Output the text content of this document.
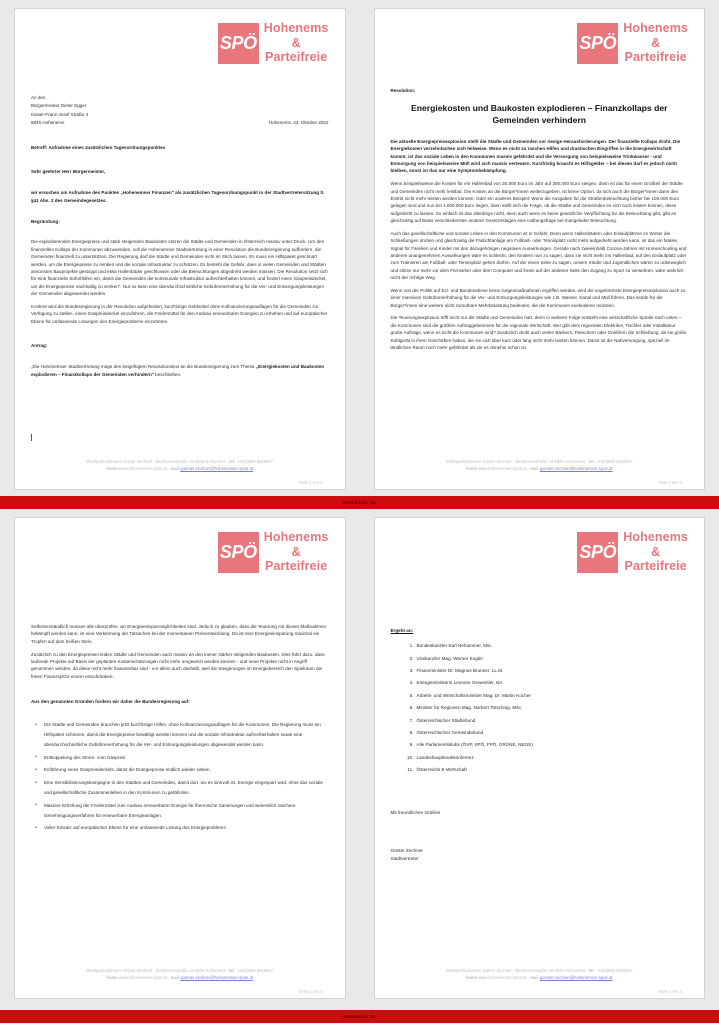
SPÖ
Hohenems
&
Parteifreie
An den
Bürgermeister Dieter Egger
Kaiser-Franz-Josef Straße 4
6845 Hohenems	Hohenems, 24. Oktober 2022

Betreff: Aufnahme eines zusätzlichen Tagesordnungspunktes

Sehr geehrter Herr Bürgermeister,

wir ersuchen um Aufnahme des Punktes „Hohenemser Finanzen" als zusätzlichen Tagesordnungspunkt in der Stadtvertretersitzung lt. §41 Abs. 2 des Gemeindegesetzes.

Begründung:

Die explodierenden Energiepreise und stark steigenden Baukosten setzen die Städte und Gemeinden in Österreich massiv unter Druck. Um den finanziellen Kollaps der Kommunen abzuwenden, soll die Hohenemser Stadtvertretung in einer Resolution die Bundesregierung auffordern, die Gemeinden finanziell zu unterstützen. Die Regierung darf die Städte und Gemeinden nicht im Stich lassen. Es muss ein Hilfspaket geschnürt werden, um die Energiepreise zu senken und die soziale Infrastruktur zu schützen. Es besteht die Gefahr, dass in vielen Gemeinden und Städten ansonsten Bauprojekte gestoppt und etwa Hallenbäder geschlossen oder die Beleuchtungen abgedreht werden müssen. Die Resolution setzt sich für eine finanzielle Soforthilfen ein, damit die Gemeinden die kommunale Infrastruktur aufrechterhalten können, und fordert einen Gaspreisdeckel, um die Energiepreise nachhaltig zu senken". Nur so kann eine überdurchschnittliche Gebührenerhöhung für die Ver- und Entsorgungsleistungen der Gemeinden abgewendet werden.

Konkret wird die Bundesregierung in der Resolution aufgefordert, kurzfristige Geldmittel ohne Kofinanzierungsauflagen für die Gemeinden zur Verfügung zu stellen, einen Gaspreisdeckel einzuführen, die Fördermittel für den Ausbau erneuerbarer Energien zu erhöhen und auf europäischer Ebene für umfassende Lösungen des Energieproblems einzutreten.

Antrag:

„Die Hohenemser Stadtvertretung möge den beigefügten Resolutionstext an die Bundesregierung zum Thema „Energiekosten und Baukosten explodieren – Finanzkollaps der Gemeinden verhindern" beschließen.

Stadtparteiobmann Günter Zechner . Beethovenstraße 18 6845 Hohenems . tel. +43(0)650 5816947
home www.hohenemser-spoe.at . mail guenter.zechner@hohenemser-spoe.at
Seite 1 von 4
SPÖ
Hohenems
&
Parteifreie
Resolution:
Energiekosten und Baukosten explodieren – Finanzkollaps der Gemeinden verhindern

Die aktuelle Energiepreisexplosion stellt die Städte und Gemeinden vor riesige Herausforderungen. Der finanzielle Kollaps droht. Die Energiekosten verzehnfachen sich teilweise. Wenn es nicht zu raschen Hilfen und drastischen Eingriffen in die Energiewirtschaft kommt, ist das soziale Leben in den Kommunen massiv gefährdet und die Versorgung von beispielsweise Trinkwasser - und Entsorgung von beispielsweise Müll wird sich massiv verteuern. Kurzfristig braucht es Hilfsgelder – bei diesen darf es jedoch nicht bleiben, sonst ist das nur eine Symptombekämpfung.

Wenn beispielsweise die Kosten für ein Hallenbad von 30.000 Euro im Jahr auf 300.000 Euro steigen, dann ist das für einen Großteil der Städte und Gemeinden nicht mehr leistbar. Die Kosten an die Bürger*innen weiterzugeben, ist keine Option, da sich auch die Bürger*innen dann den Eintritt nicht mehr leisten werden können. Oder ein anderes Beispiel: Wenn die Ausgaben für die Straßenbeleuchtung bisher bei 100.000 Euro gelegen sind und nun bei 1.000.000 Euro liegen, dann stellt sich die Frage, ob die Städte und Gemeinden es sich noch leisten können, diese aufgedreht zu lassen. So einfach ist das allerdings nicht, denn auch wenn es keine gesetzliche Verpflichtung für die Beleuchtung gibt, gibt es gleichzeitig auf Basis verschiedenster anderer Gesetzeslagen eine Haftungsfrage bei mangelnder Beleuchtung.

Auch das gesellschaftliche und soziale Leben in den Kommunen ist in Gefahr. Denn wenn Hallenbädern oder Eislaufplätzen im Winter die Schließungen drohen und gleichzeitig die Flutlichtanlage am Fußball- oder Tennisplatz nicht mehr aufgedreht werden kann, ist das ein fatales Signal für Familien und Kinder mit den dazugehörigen negativen Auswirkungen. Gerade nach zweieinhalb Corona-Jahren mit Homeschooling und anderen unangenehmen Auswirkungen wäre es schlecht, den Kindern nun zu sagen, dass sie nicht mehr ins Hallenbad, auf den Eislaufplatz oder zum Trainieren am Fußball- oder Tennisplatz gehen dürfen. Auf der einen Seite zu sagen, unsere Kinder und Jugendlichen wären zu unbeweglich und sitzen nur mehr vor dem Fernseher oder dem Computer und ihnen auf der anderen Seite den Zugang zu Sport zu verwehren, wäre wahrlich nicht der richtige Weg.

Wenn von der Politik auf EU- und Bundesebene keine Gegenmaßnahmen ergriffen werden, wird die ungebremste Energiepreisexplosion auch zu einer massiven Gebührenerhöhung für die Ver- und Entsorgungsleistungen wie z.B. Wasser, Kanal und Müll führen. Das würde für die Bürger*innen eine weitere nicht zumutbare Mehrbelastung bedeuten, die die Kommunen exekutieren müssten.

Die Teuerungsexplosion trifft nicht nur die Städte und Gemeinden hart, denn in weiterer Folge entsteht eine wirtschaftliche Spirale nach unten – die Kommunen sind die größten Auftraggeberinnen für die regionale Wirtschaft. Wer gibt dem regionalen Elektriker, Tischler oder Installateur große Aufträge, wenn es nicht die Kommunen sind? Zusätzlich droht auch vielen Bäckern, Fleischern oder Greißlern die Schließung, da sie große Kühlgerät in ihren Geschäften haben, die sie sich über kurz oder lang nicht mehr leisten können. Damit ist die Nahversorgung, speziell im ländlichen Raum noch mehr gefährdet als sie es ohnehin schon ist.

Stadtparteiobmann Günter Zechner . Beethovenstraße 18 6845 Hohenems . tel. +43(0)650 5816947
home www.hohenemser-spoe.at . mail guenter.zechner@hohenemser-spoe.at
Seite 2 von 4
Resolution_01
SPÖ
Hohenems
&
Parteifreie

Selbstverständlich müssen alle überprüfen, wo Energieeinsparmöglichkeiten sind. Jedoch zu glauben, dass die Teuerung mit diesen Maßnahmen bekämpft werden kann, ist eine Verkennung der Tatsachen bei der momentanen Preisentwicklung. Da ist eine Energieeinsparung maximal ein Tropfen auf dem heißen Stein.

Zusätzlich zu den Energiepreisen leiden Städte und Gemeinden auch massiv an den immer stärker steigenden Baukosten. Dies führt dazu, dass laufende Projekte auf Basis der geplanten Kostenschätzungen nicht mehr umgesetzt werden können - und neue Projekte nicht in Angriff genommen werden, da diese nicht mehr finanzierbar sind - vor allem auch deshalb, weil die Steigerungen im Energiebereich den Spielraum der freien Finanzspitze enorm einschränken.

Aus den genannten Gründen fordern wir daher die Bundesregierung auf:

• Die Städte und Gemeinden brauchen jetzt kurzfristige Hilfen, ohne Kofinanzierungsauflagen für die Kommunen. Die Regierung muss ein Hilfspaket schnüren, damit die Energiepreise bewältigt werden können und die soziale Infrastruktur aufrechterhalten sowie eine überdurchschnittliche Gebührenerhöhung für die Ver- und Entsorgungsleistungen abgewendet werden kann.
• Entkoppelung des Strom- vom Gaspreis
• Einführung eines Gaspreisdeckels, damit die Energiepreise endlich wieder sinken.
• Eine Sensibilisierungskampagne in den Städten und Gemeinden, damit dort, wo es sinnvoll ist, Energie eingespart wird, ohne das soziale und gesellschaftliche Zusammenleben in den Kommunen zu gefährden.
• Massive Erhöhung der Fördermittel zum Ausbau erneuerbarer Energie für thermische Sanierungen und wesentlich raschere Genehmigungsverfahren für erneuerbare Energieanlagen.
• Voller Einsatz auf europäischer Ebene für eine umfassende Lösung des Energieproblems
Stadtparteiobmann Günter Zechner . Beethovenstraße 18 6845 Hohenems . tel. +43(0)650 5816947
home www.hohenemser-spoe.at . mail guenter.zechner@hohenemser-spoe.at
Seite 3 von 4
SPÖ
Hohenems
&
Parteifreie

Ergeht an:

Bundeskanzler Karl Nehammer, Msc
Vizekanzler Mag. Werner Kogler
Finanzminister Dr. Magnus Brunner, LL.M.
Energieministerin Leonore Gewessler, BA
Arbeits- und Wirtschaftsminister Mag. Dr. Martin Kocher
Minister für Regionen Mag. Norbert Totschnig, MSc
Österreichischer Städtebund
Österreichischer Gemeindebund
Alle Parlamentsklubs (ÖVP, SPÖ, FPÖ, GRÜNE, NEOS)
Landeshauptleutekonferenz
Österreichs E-Wirtschaft
Mit freundlichen Grüßen
Günter Zechner
Stadtvertreter
Stadtparteiobmann Günter Zechner . Beethovenstraße 18 6845 Hohenems . tel. +43(0)650 5816947
home www.hohenemser-spoe.at . mail guenter.zechner@hohenemser-spoe.at
Seite 4 von 4
Resolution_01
